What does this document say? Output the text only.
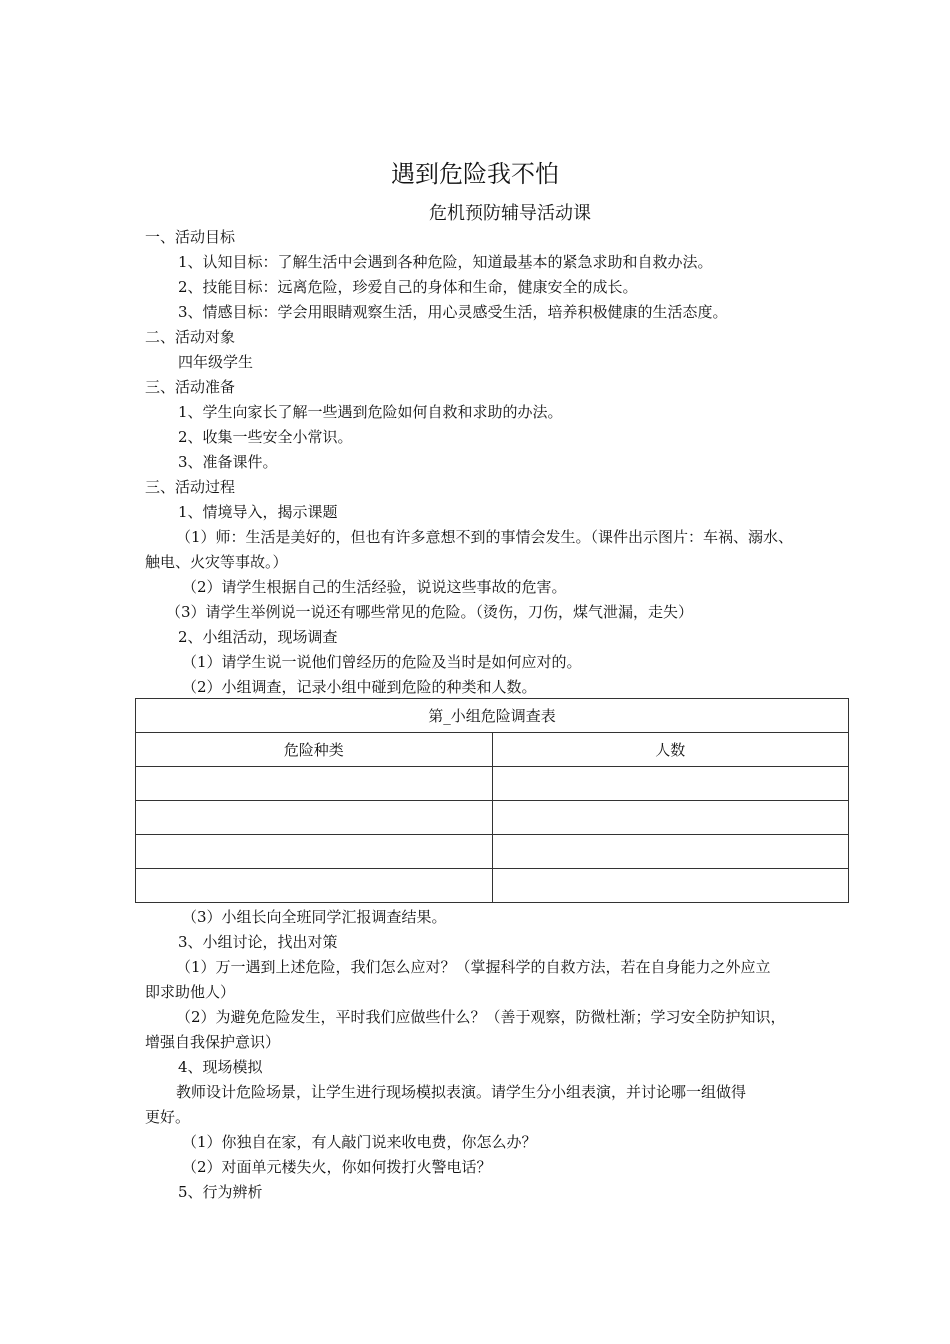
遇到危险我不怕
危机预防辅导活动课
一、活动目标
1、认知目标：了解生活中会遇到各种危险，知道最基本的紧急求助和自救办法。
2、技能目标：远离危险，珍爱自己的身体和生命，健康安全的成长。
3、情感目标：学会用眼睛观察生活，用心灵感受生活，培养积极健康的生活态度。
二、活动对象
四年级学生
三、活动准备
1、学生向家长了解一些遇到危险如何自救和求助的办法。
2、收集一些安全小常识。
3、准备课件。
三、活动过程
1、情境导入，揭示课题
（1）师：生活是美好的，但也有许多意想不到的事情会发生。（课件出示图片：车祸、溺水、
触电、火灾等事故。）
（2）请学生根据自己的生活经验，说说这些事故的危害。
（3）请学生举例说一说还有哪些常见的危险。（烫伤，刀伤，煤气泄漏，走失）
2、小组活动，现场调查
（1）请学生说一说他们曾经历的危险及当时是如何应对的。
（2）小组调查，记录小组中碰到危险的种类和人数。
第_小组危险调查表	
危险种类	人数

（3）小组长向全班同学汇报调查结果。
3、小组讨论，找出对策
（1）万一遇到上述危险，我们怎么应对？（掌握科学的自救方法，若在自身能力之外应立
即求助他人）
（2）为避免危险发生，平时我们应做些什么？（善于观察，防微杜渐；学习安全防护知识，
增强自我保护意识）
4、现场模拟
教师设计危险场景，让学生进行现场模拟表演。请学生分小组表演，并讨论哪一组做得
更好。
（1）你独自在家，有人敲门说来收电费，你怎么办？
（2）对面单元楼失火，你如何拨打火警电话？
5、行为辨析
